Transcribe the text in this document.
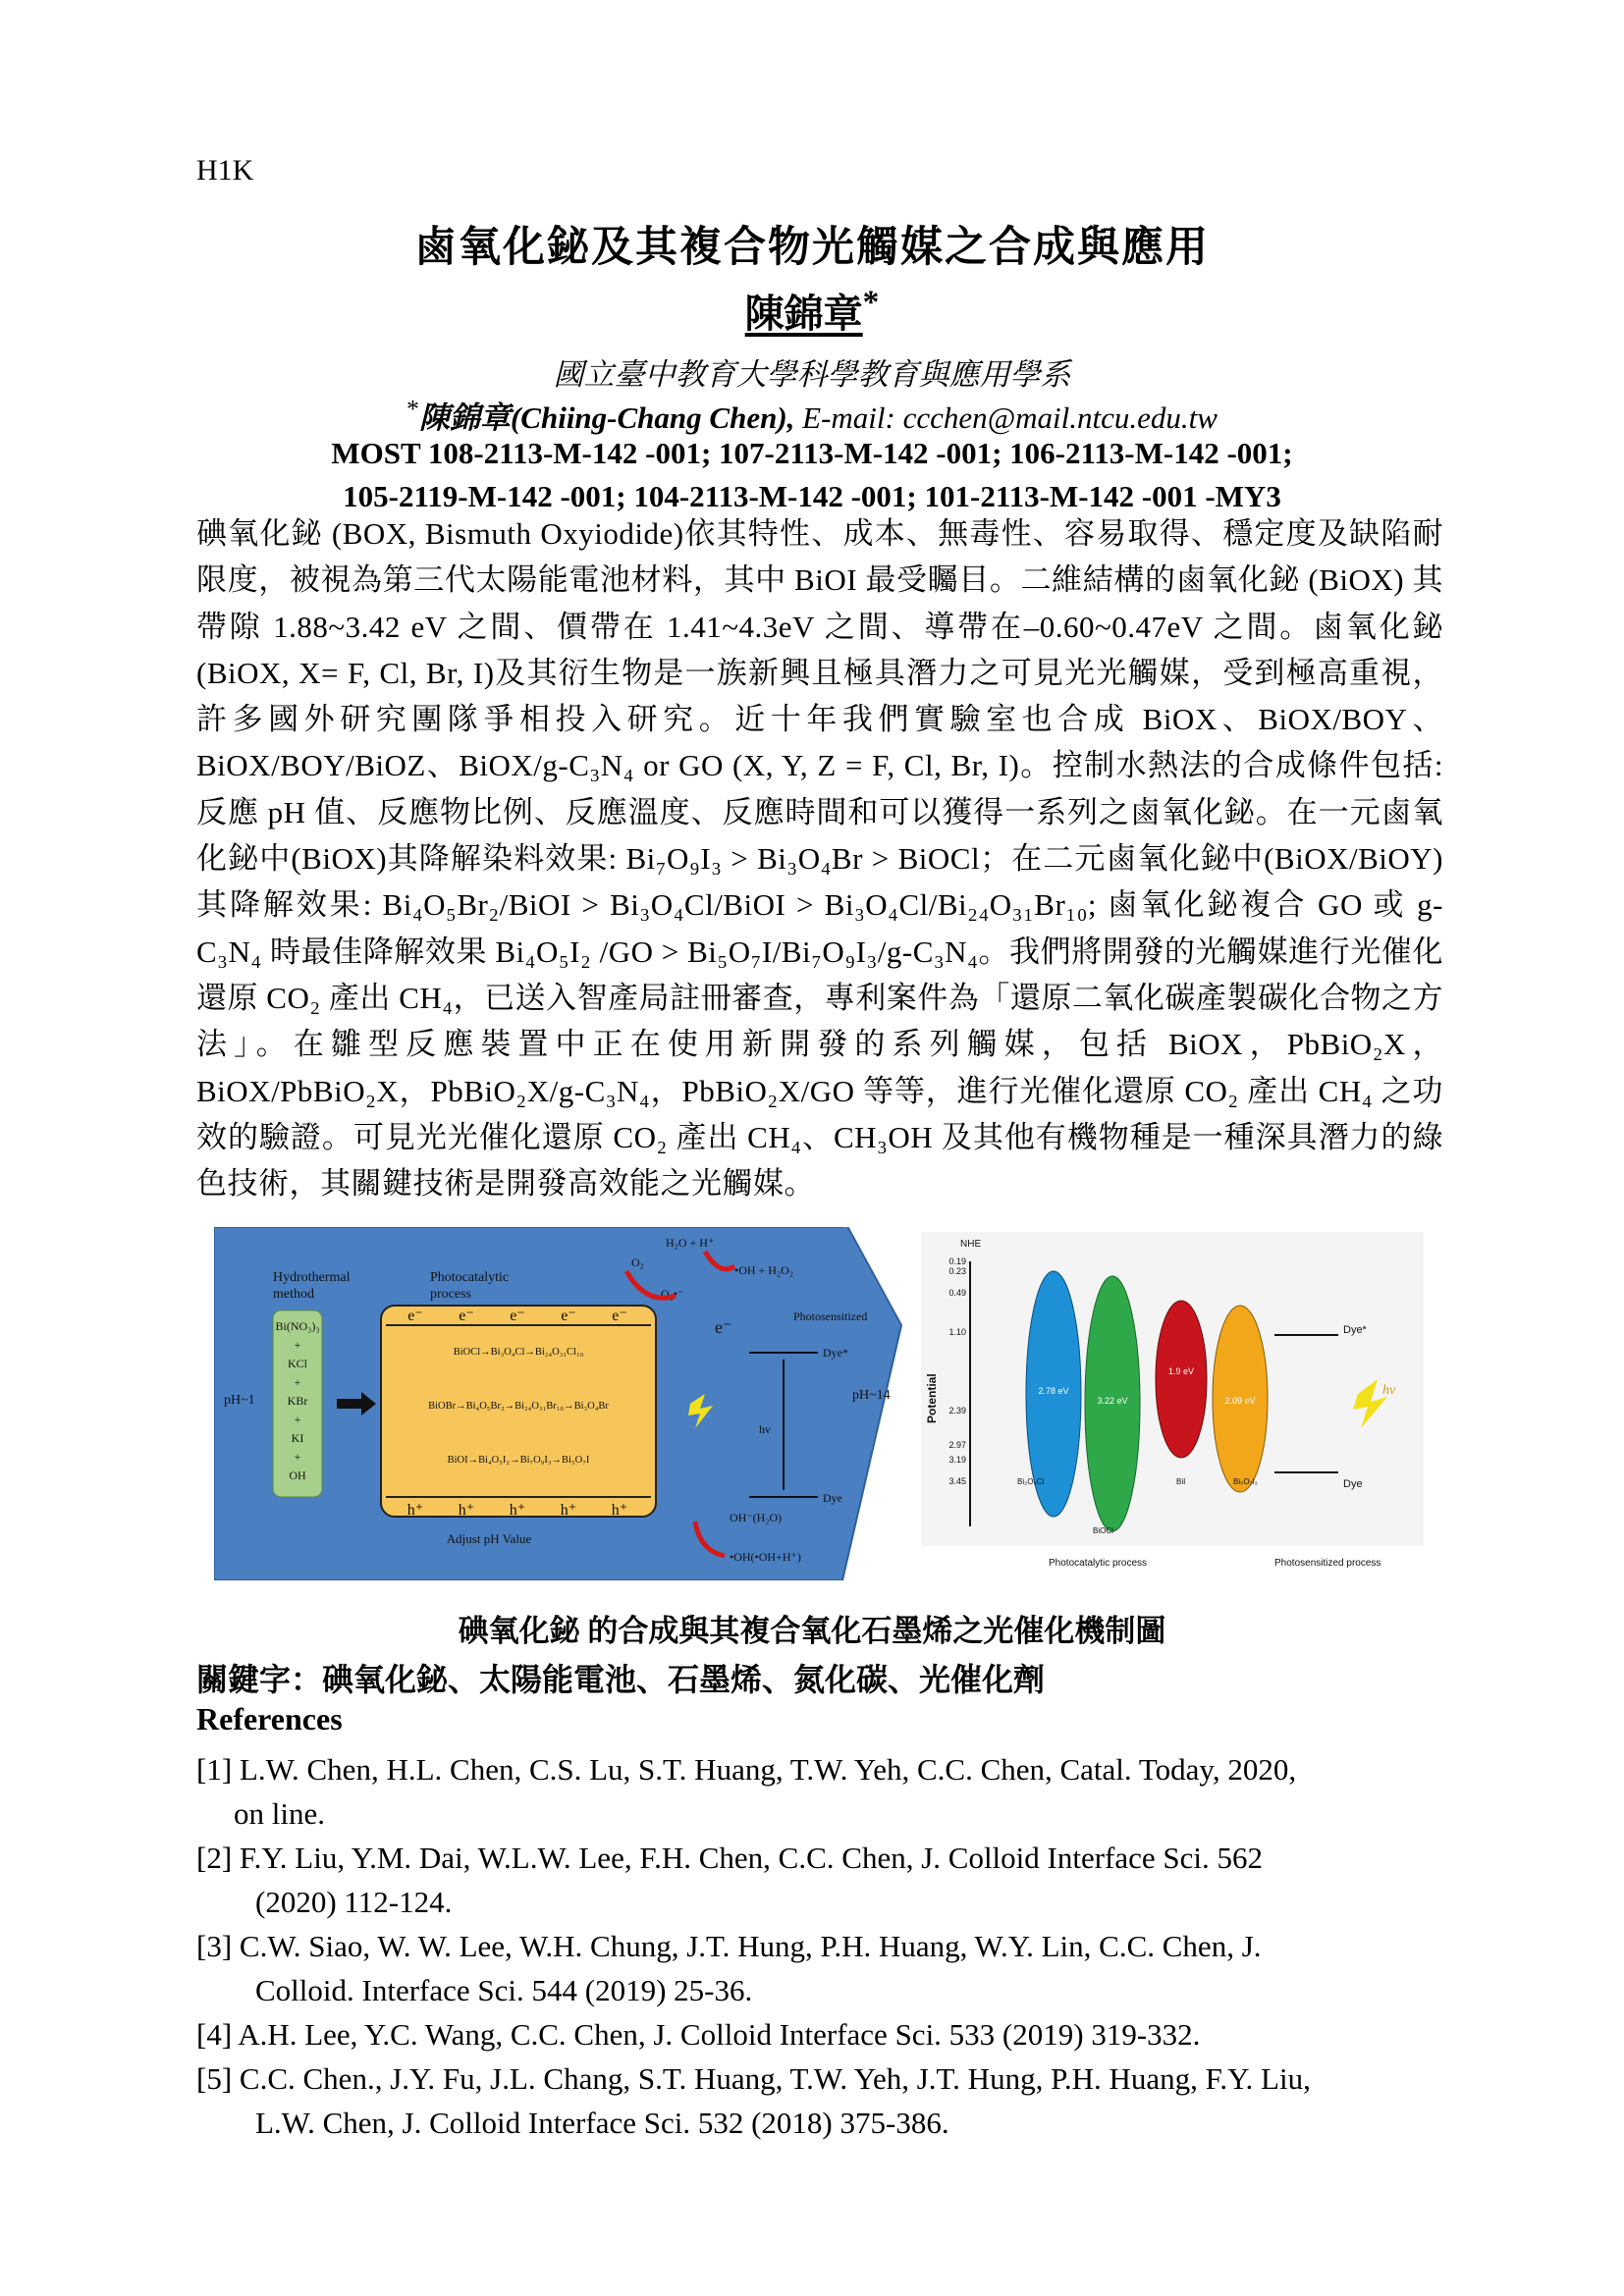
H1K
鹵氧化鉍及其複合物光觸媒之合成與應用
陳錦章*
國立臺中教育大學科學教育與應用學系
*陳錦章(Chiing-Chang Chen), E-mail: ccchen@mail.ntcu.edu.tw
MOST 108-2113-M-142 -001; 107-2113-M-142 -001; 106-2113-M-142 -001;
105-2119-M-142 -001; 104-2113-M-142 -001; 101-2113-M-142 -001 -MY3
碘氧化鉍 (BOX, Bismuth Oxyiodide)依其特性、成本、無毒性、容易取得、穩定度及缺陷耐限度，被視為第三代太陽能電池材料，其中 BiOI 最受矚目。二維結構的鹵氧化鉍 (BiOX) 其帶隙 1.88~3.42 eV 之間、價帶在 1.41~4.3eV 之間、導帶在–0.60~0.47eV 之間。鹵氧化鉍(BiOX, X= F, Cl, Br, I)及其衍生物是一族新興且極具潛力之可見光光觸媒，受到極高重視，許多國外研究團隊爭相投入研究。近十年我們實驗室也合成 BiOX、BiOX/BOY、BiOX/BOY/BiOZ、BiOX/g-C₃N₄ or GO (X, Y, Z = F, Cl, Br, I)。控制水熱法的合成條件包括:反應 pH 值、反應物比例、反應溫度、反應時間和可以獲得一系列之鹵氧化鉍。在一元鹵氧化鉍中(BiOX)其降解染料效果: Bi₇O₉I₃ > Bi₃O₄Br > BiOCl；在二元鹵氧化鉍中(BiOX/BiOY)其降解效果: Bi₄O₅Br₂/BiOI > Bi₃O₄Cl/BiOI > Bi₃O₄Cl/Bi₂₄O₃₁Br₁₀; 鹵氧化鉍複合 GO 或 g-C₃N₄ 時最佳降解效果 Bi₄O₅I₂ /GO > Bi₅O₇I/Bi₇O₉I₃/g-C₃N₄。我們將開發的光觸媒進行光催化還原 CO₂ 產出 CH₄，已送入智產局註冊審查，專利案件為「還原二氧化碳產製碳化合物之方法」。在雛型反應裝置中正在使用新開發的系列觸媒，包括 BiOX，PbBiO₂X，BiOX/PbBiO₂X，PbBiO₂X/g-C₃N₄，PbBiO₂X/GO 等等，進行光催化還原 CO₂ 產出 CH₄ 之功效的驗證。可見光光催化還原 CO₂ 產出 CH₄、CH₃OH 及其他有機物種是一種深具潛力的綠色技術，其關鍵技術是開發高效能之光觸媒。
Hydrothermal
method
Photocatalytic
process
Bi(NO₃)₃
+
KCl
+
KBr
+
KI
+
OH
pH~1
e⁻ e⁻ e⁻ e⁻ e⁻
h⁺ h⁺ h⁺ h⁺ h⁺
BiOCl→Bi₃O₄Cl→Bi₂₄O₃₁Cl₁₀
BiOBr→Bi₄O₅Br₂→Bi₂₄O₃₁Br₁₀→Bi₃O₄Br
BiOI→Bi₄O₅I₂→Bi₇O₉I₃→Bi₅O₇I
Adjust pH Value
H₂O + H⁺
•OH + H₂O₂
O₂
O₂•⁻
Photosensitized
e⁻
Dye*
Dye
hv
pH~14
OH⁻(H₂O)
•OH(•OH+H⁺)
NHE
Potential
0.19
0.23
0.49
1.10
2.39
2.97
3.19
3.45
2.78 eV
3.22 eV
1.9 eV
2.09 eV
Bi₂O₃Cl
BiOCl
BiI	Bi₅O₇I₃
Dye*
Dye
hv
Photocatalytic process	Photosensitized process
碘氧化鉍 的合成與其複合氧化石墨烯之光催化機制圖
關鍵字：碘氧化鉍、太陽能電池、石墨烯、氮化碳、光催化劑
References
[1] L.W. Chen, H.L. Chen, C.S. Lu, S.T. Huang, T.W. Yeh, C.C. Chen, Catal. Today, 2020,
on line.
[2] F.Y. Liu, Y.M. Dai, W.L.W. Lee, F.H. Chen, C.C. Chen, J. Colloid Interface Sci. 562
(2020) 112-124.
[3] C.W. Siao, W. W. Lee, W.H. Chung, J.T. Hung, P.H. Huang, W.Y. Lin, C.C. Chen, J.
Colloid. Interface Sci. 544 (2019) 25-36.
[4] A.H. Lee, Y.C. Wang, C.C. Chen, J. Colloid Interface Sci. 533 (2019) 319-332.
[5] C.C. Chen., J.Y. Fu, J.L. Chang, S.T. Huang, T.W. Yeh, J.T. Hung, P.H. Huang, F.Y. Liu,
L.W. Chen, J. Colloid Interface Sci. 532 (2018) 375-386.
